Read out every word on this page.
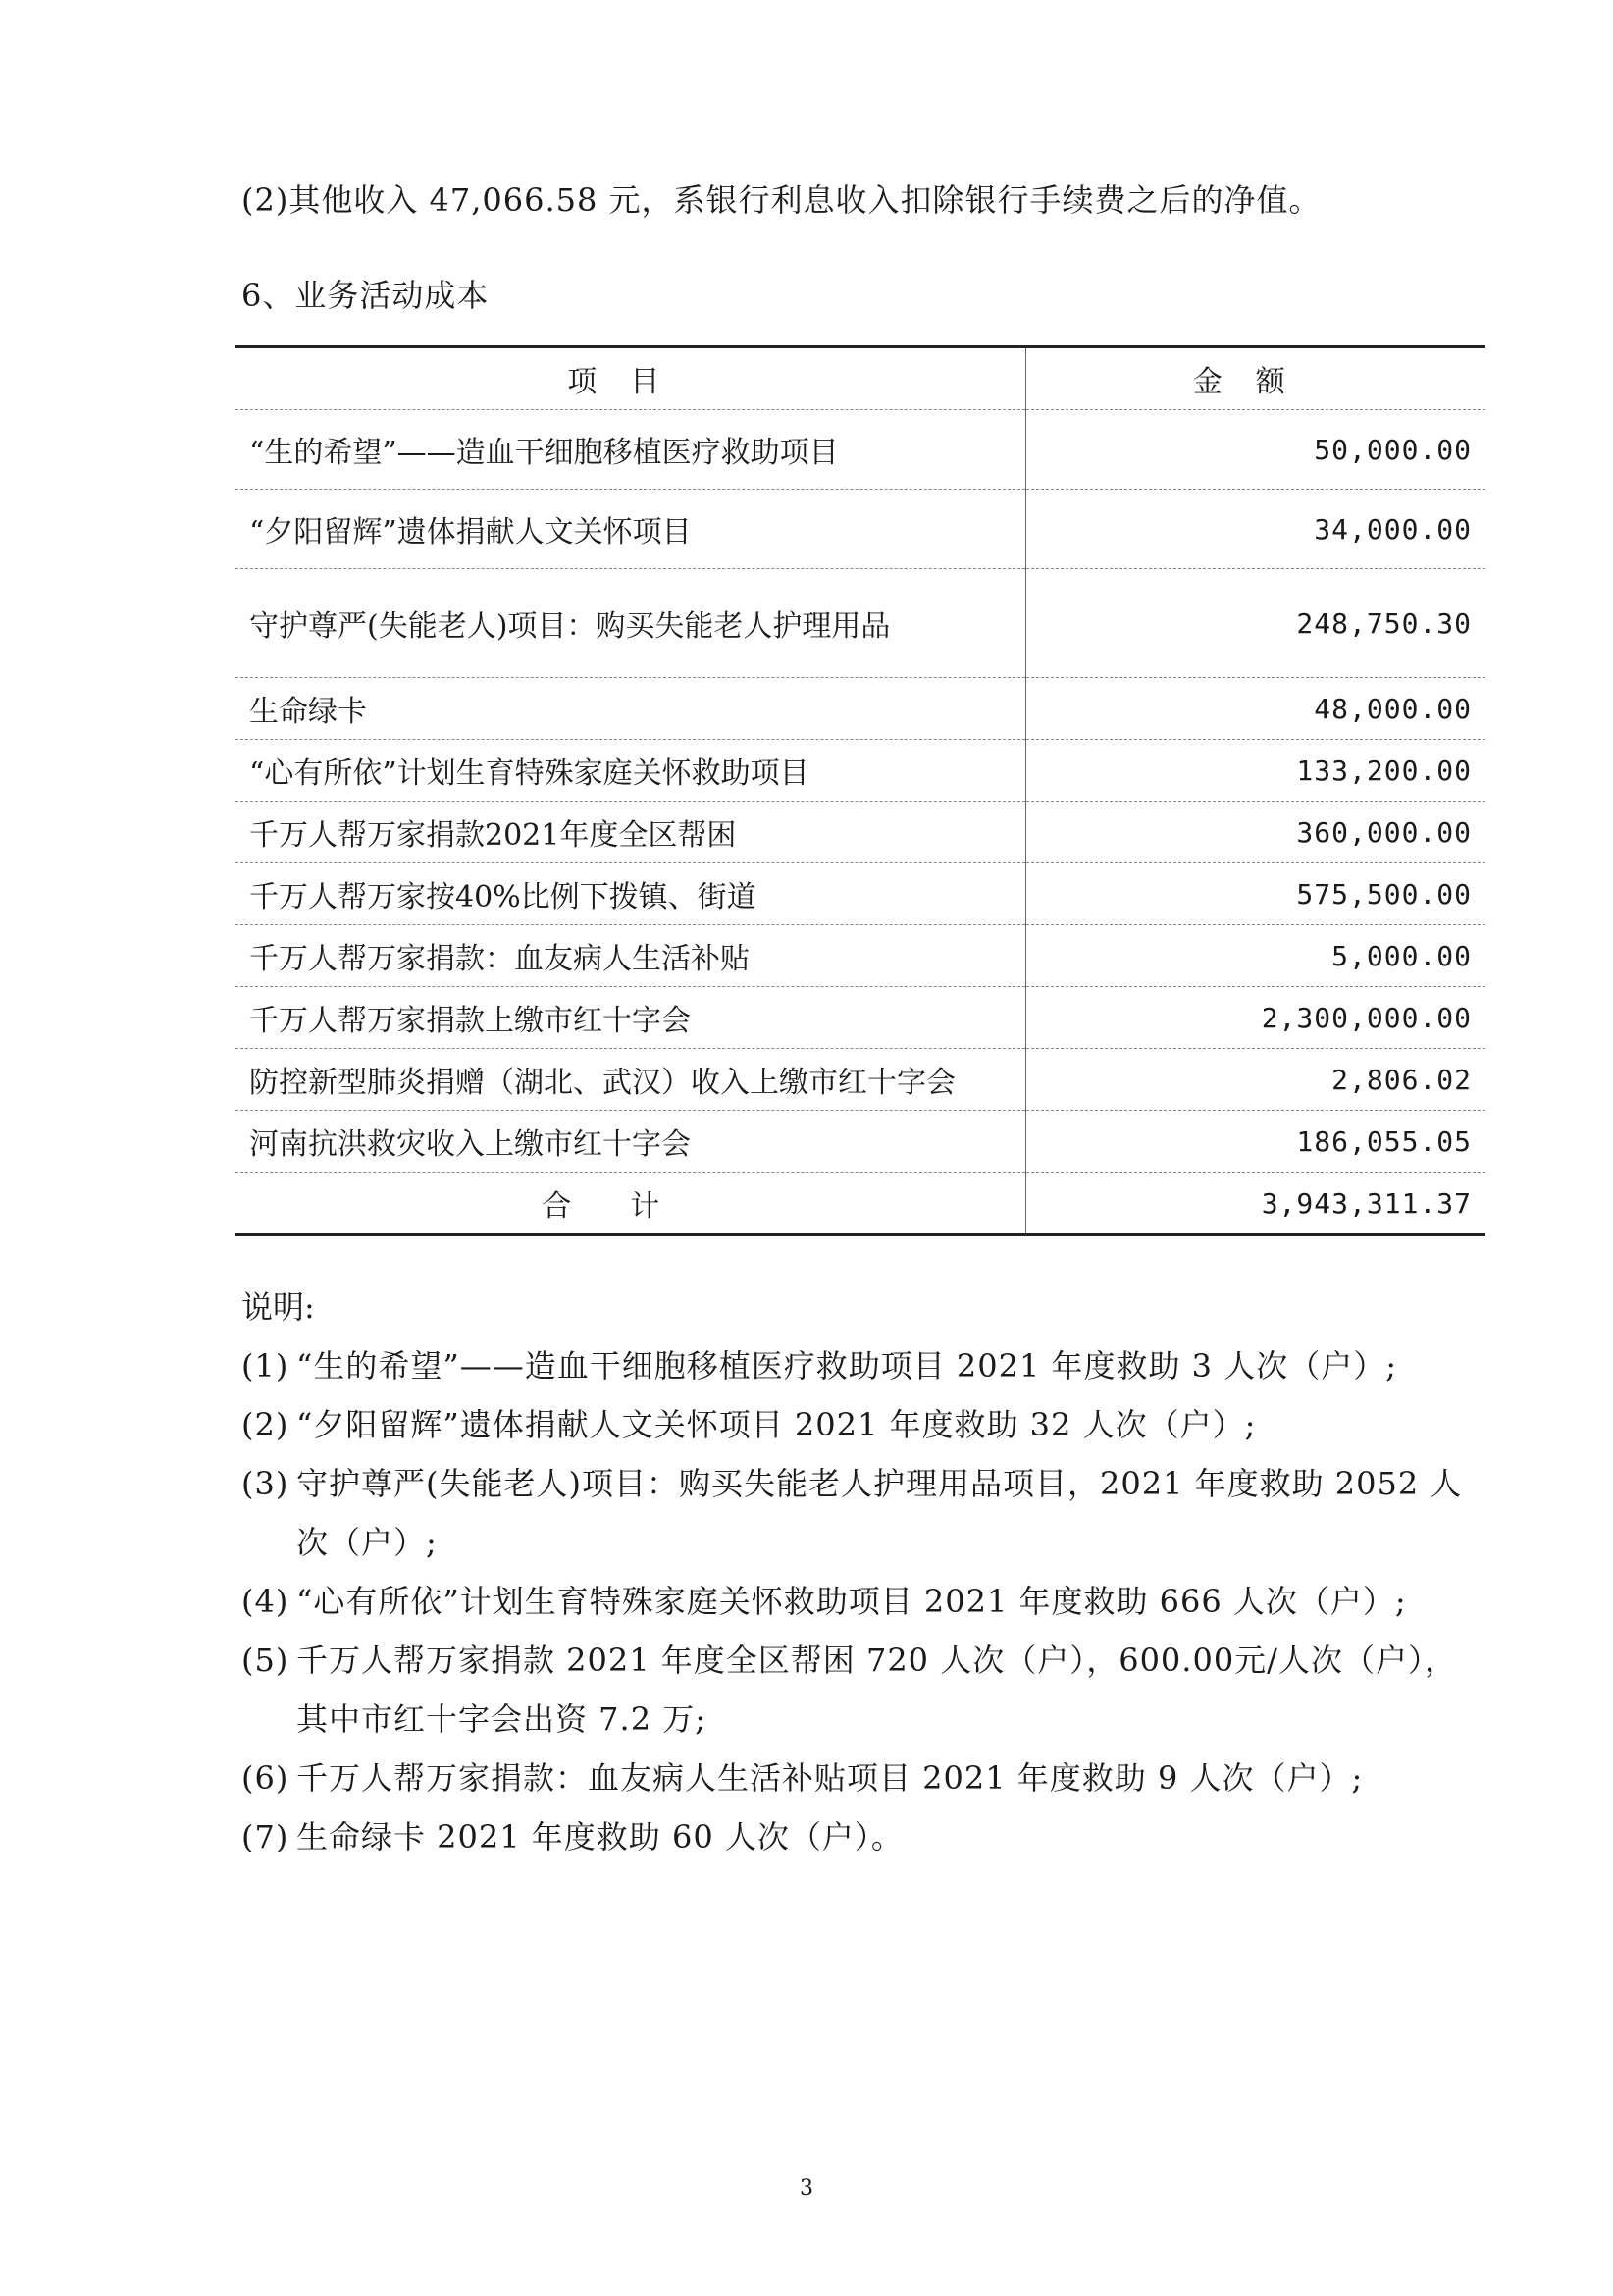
(2)其他收入 47,066.58 元，系银行利息收入扣除银行手续费之后的净值。
6、业务活动成本
项目	金额
“生的希望”——造血干细胞移植医疗救助项目	50,000.00
“夕阳留辉”遗体捐献人文关怀项目	34,000.00
守护尊严(失能老人)项目：购买失能老人护理用品	248,750.30
生命绿卡	48,000.00
“心有所依”计划生育特殊家庭关怀救助项目	133,200.00
千万人帮万家捐款2021年度全区帮困	360,000.00
千万人帮万家按40%比例下拨镇、街道	575,500.00
千万人帮万家捐款：血友病人生活补贴	5,000.00
千万人帮万家捐款上缴市红十字会	2,300,000.00
防控新型肺炎捐赠（湖北、武汉）收入上缴市红十字会	2,806.02
河南抗洪救灾收入上缴市红十字会	186,055.05
合计	3,943,311.37
说明:
(1) “生的希望”——造血干细胞移植医疗救助项目 2021 年度救助 3 人次（户）;
(2) “夕阳留辉”遗体捐献人文关怀项目 2021 年度救助 32 人次（户）;
(3) 守护尊严(失能老人)项目：购买失能老人护理用品项目，2021 年度救助 2052 人次（户）;
(4) “心有所依”计划生育特殊家庭关怀救助项目 2021 年度救助 666 人次（户）;
(5) 千万人帮万家捐款 2021 年度全区帮困 720 人次（户），600.00元/人次（户），其中市红十字会出资 7.2 万;
(6) 千万人帮万家捐款：血友病人生活补贴项目 2021 年度救助 9 人次（户）;
(7) 生命绿卡 2021 年度救助 60 人次（户）。
3
